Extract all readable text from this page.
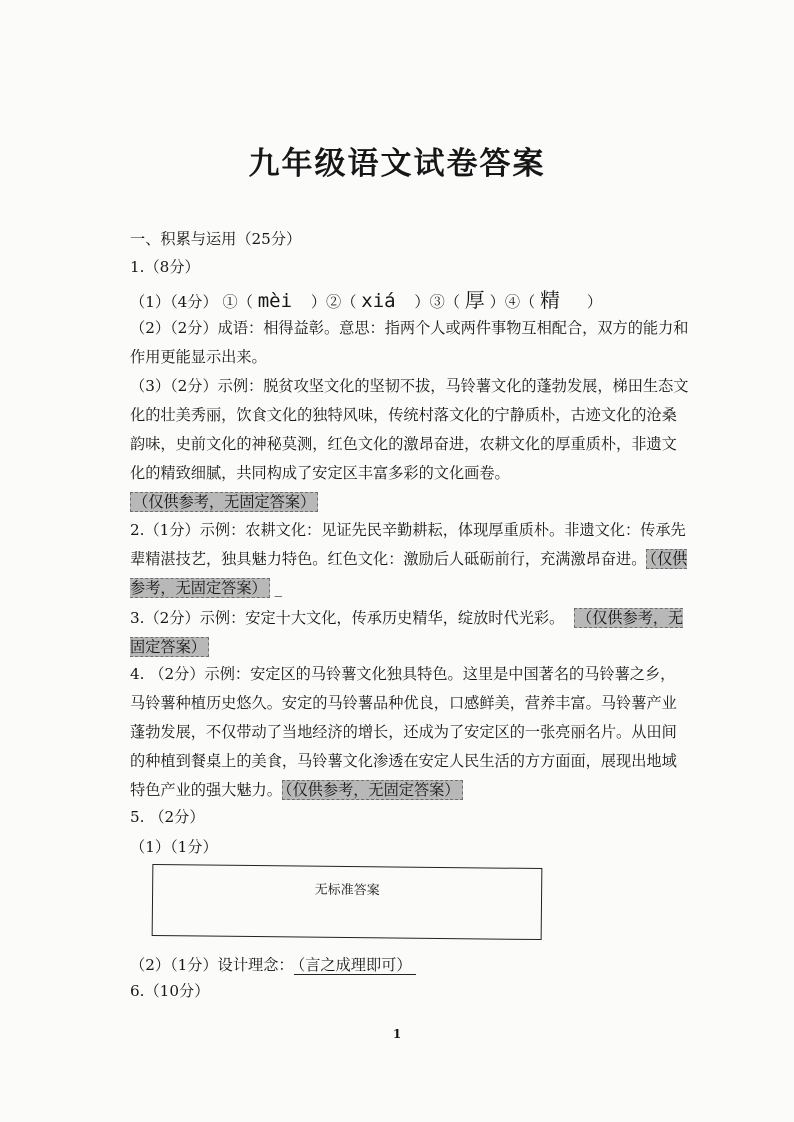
九年级语文试卷答案
一、积累与运用（25分）
1.（8分）
（1）（4分） ①（ mèi ）②（ xiá ）③（ 厚 ）④（ 精 ）

（2）（2分）成语：相得益彰。意思：指两个人或两件事物互相配合，双方的能力和作用更能显示出来。

（3）（2分）示例：脱贫攻坚文化的坚韧不拔，马铃薯文化的蓬勃发展，梯田生态文化的壮美秀丽，饮食文化的独特风味，传统村落文化的宁静质朴，古迹文化的沧桑韵味，史前文化的神秘莫测，红色文化的激昂奋进，农耕文化的厚重质朴，非遗文化的精致细腻，共同构成了安定区丰富多彩的文化画卷。（仅供参考，无固定答案）

2.（1分）示例：农耕文化：见证先民辛勤耕耘，体现厚重质朴。非遗文化：传承先辈精湛技艺，独具魅力特色。红色文化：激励后人砥砺前行，充满激昂奋进。 （仅供参考，无固定答案） _

3.（2分）示例：安定十大文化，传承历史精华，绽放时代光彩。 （仅供参考，无固定答案）

4. （2分）示例：安定区的马铃薯文化独具特色。这里是中国著名的马铃薯之乡，马铃薯种植历史悠久。安定的马铃薯品种优良，口感鲜美，营养丰富。马铃薯产业蓬勃发展，不仅带动了当地经济的增长，还成为了安定区的一张亮丽名片。从田间的种植到餐桌上的美食，马铃薯文化渗透在安定人民生活的方方面面，展现出地域特色产业的强大魅力。 （仅供参考，无固定答案）

5. （2分）
（1）（1分）
无标准答案
（2）（1分）设计理念： （言之成理即可）
6.（10分）
1
